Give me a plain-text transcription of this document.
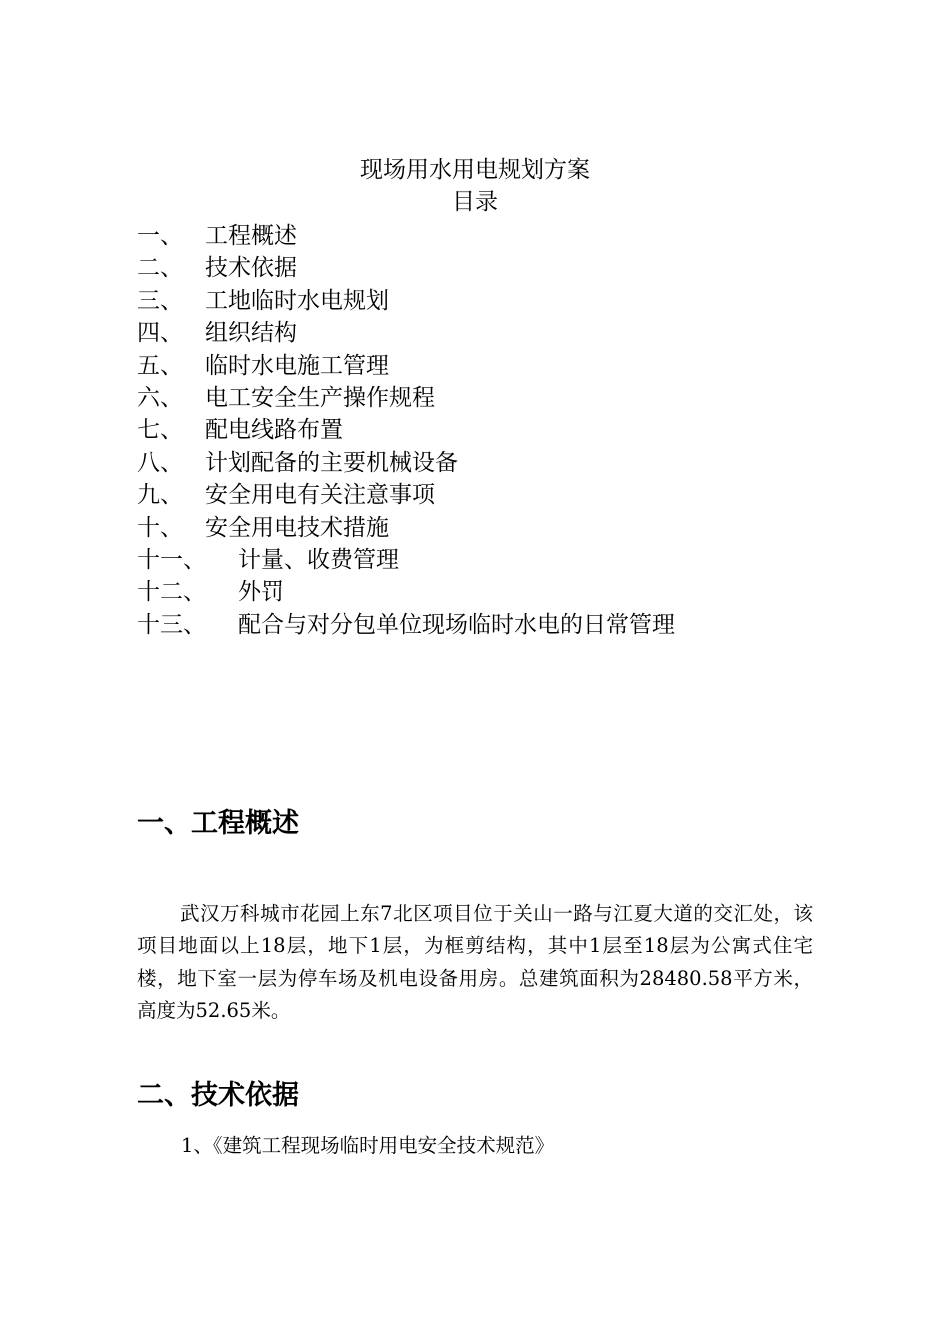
现场用水用电规划方案
目录
一、 工程概述
二、 技术依据
三、 工地临时水电规划
四、 组织结构
五、 临时水电施工管理
六、 电工安全生产操作规程
七、 配电线路布置
八、 计划配备的主要机械设备
九、 安全用电有关注意事项
十、 安全用电技术措施
十一、 计量、收费管理
十二、 外罚
十三、 配合与对分包单位现场临时水电的日常管理
一、工程概述

武汉万科城市花园上东7北区项目位于关山一路与江夏大道的交汇处，该项目地面以上18层，地下1层，为框剪结构，其中1层至18层为公寓式住宅楼，地下室一层为停车场及机电设备用房。总建筑面积为28480.58平方米，高度为52.65米。

二、技术依据
1、《建筑工程现场临时用电安全技术规范》
